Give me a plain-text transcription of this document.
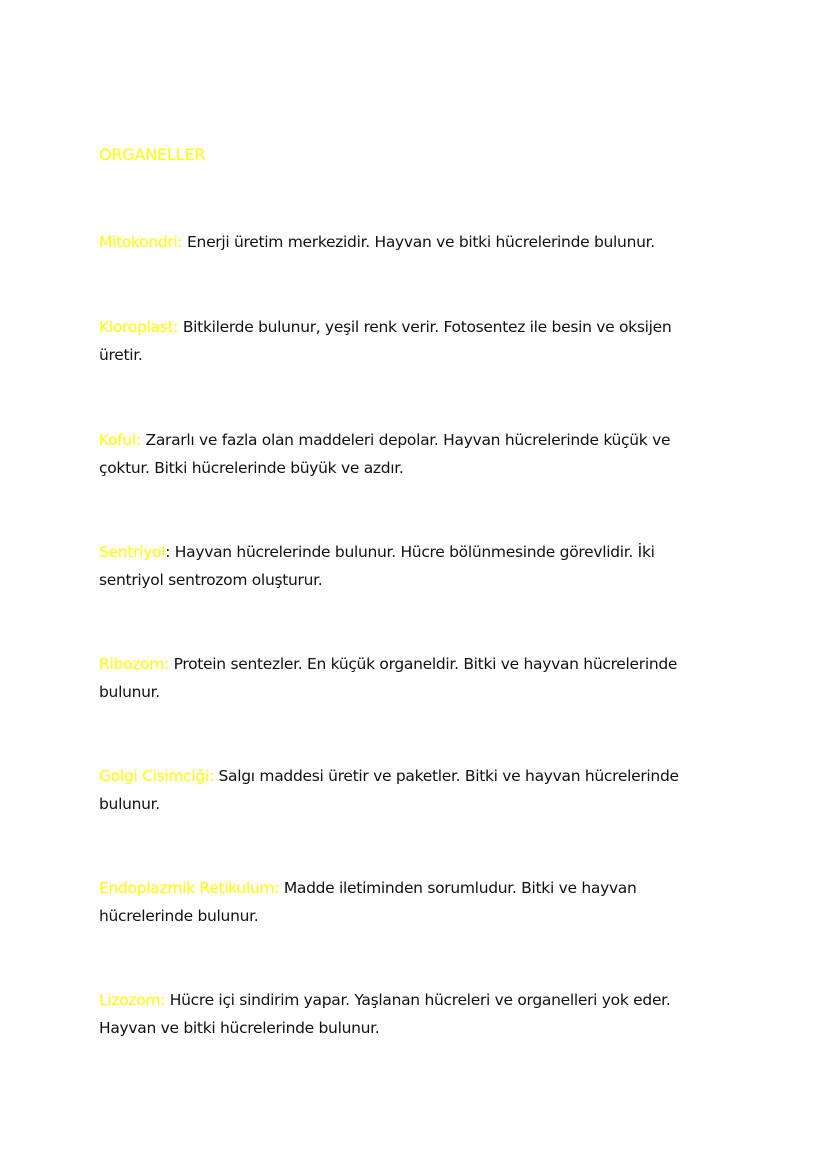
ORGANELLER
Mitokondri: Enerji üretim merkezidir. Hayvan ve bitki hücrelerinde bulunur.
Kloroplast: Bitkilerde bulunur, yeşil renk verir. Fotosentez ile besin ve oksijen üretir.
Koful: Zararlı ve fazla olan maddeleri depolar. Hayvan hücrelerinde küçük ve çoktur. Bitki hücrelerinde büyük ve azdır.
Sentriyol: Hayvan hücrelerinde bulunur. Hücre bölünmesinde görevlidir. İki sentriyol sentrozom oluşturur.
Ribozom: Protein sentezler. En küçük organeldir. Bitki ve hayvan hücrelerinde bulunur.
Golgi Cisimciği: Salgı maddesi üretir ve paketler. Bitki ve hayvan hücrelerinde bulunur.
Endoplazmik Retikulum: Madde iletiminden sorumludur. Bitki ve hayvan hücrelerinde bulunur.
Lizozom: Hücre içi sindirim yapar. Yaşlanan hücreleri ve organelleri yok eder. Hayvan ve bitki hücrelerinde bulunur.
